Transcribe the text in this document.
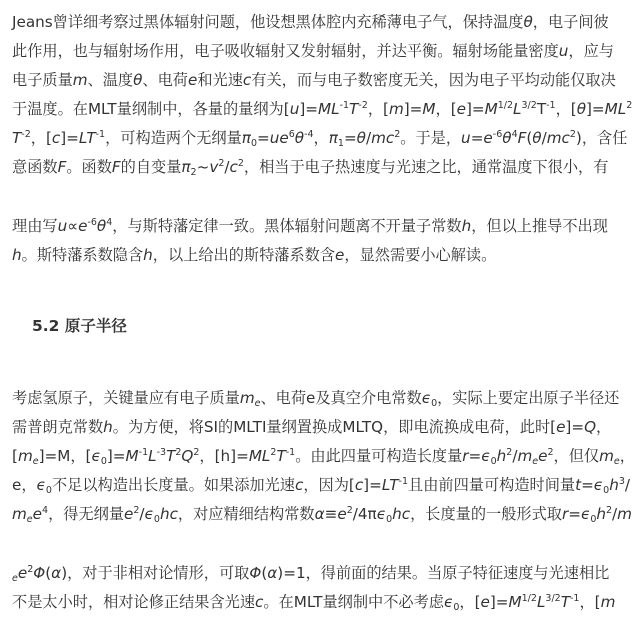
Jeans曾详细考察过黑体辐射问题，他设想黑体腔内充稀薄电子气，保持温度θ，电子间彼
此作用，也与辐射场作用，电子吸收辐射又发射辐射，并达平衡。辐射场能量密度u，应与
电子质量m、温度θ、电荷e和光速c有关，而与电子数密度无关，因为电子平均动能仅取决
于温度。在MLT量纲制中，各量的量纲为$[u]=ML^{-1}T^{-2}$，[m]=M，$[e]=M^{1/2}L^{3/2}T^{-1}$，$[\theta]=ML^2$
$T^{-2}$，$[c]=LT^{-1}$，可构造两个无纲量$\pi_0=ue^6\theta^{-4}$，$\pi_1=\theta/mc^2$。于是，$u=e^{-6}\theta^4F(\theta/mc^2)$，含任
意函数F。函数F的自变量$\pi_2\sim v^2/c^2$，相当于电子热速度与光速之比，通常温度下很小，有
理由写$u\propto e^{-6}\theta^4$，与斯特藩定律一致。黑体辐射问题离不开量子常数h，但以上推导不出现
h。斯特藩系数隐含h，以上给出的斯特藩系数含e，显然需要小心解读。
5.2 原子半径
考虑氢原子，关键量应有电子质量$m_e$、电荷e及真空介电常数$\epsilon_0$，实际上要定出原子半径还
需普朗克常数h。为方便，将SI的MLTI量纲置换成MLTQ，即电流换成电荷，此时[e]=Q，
$[m_e]=M$，$[\epsilon_0]=M^{-1}L^{-3}T^2Q^2$，$[h]=ML^2T^{-1}$。由此四量可构造长度量$r=\epsilon_0h^2/m_ee^2$，但仅$m_e$，
e，$\epsilon_0$不足以构造出长度量。如果添加光速c，因为$[c]=LT^{-1}$且由前四量可构造时间量$t=\epsilon_0h^3/$
$m_ee^4$，得无纲量$e^2/\epsilon_0hc$，对应精细结构常数$\alpha\equiv e^2/4\pi\epsilon_0hc$，长度量的一般形式取$r=\epsilon_0h^2/m$
$_ee^2\Phi(\alpha)$，对于非相对论情形，可取Φ(α)=1，得前面的结果。当原子特征速度与光速相比
不是太小时，相对论修正结果含光速c。在MLT量纲制中不必考虑$\epsilon_0$，$[e]=M^{1/2}L^{3/2}T^{-1}$，[m
